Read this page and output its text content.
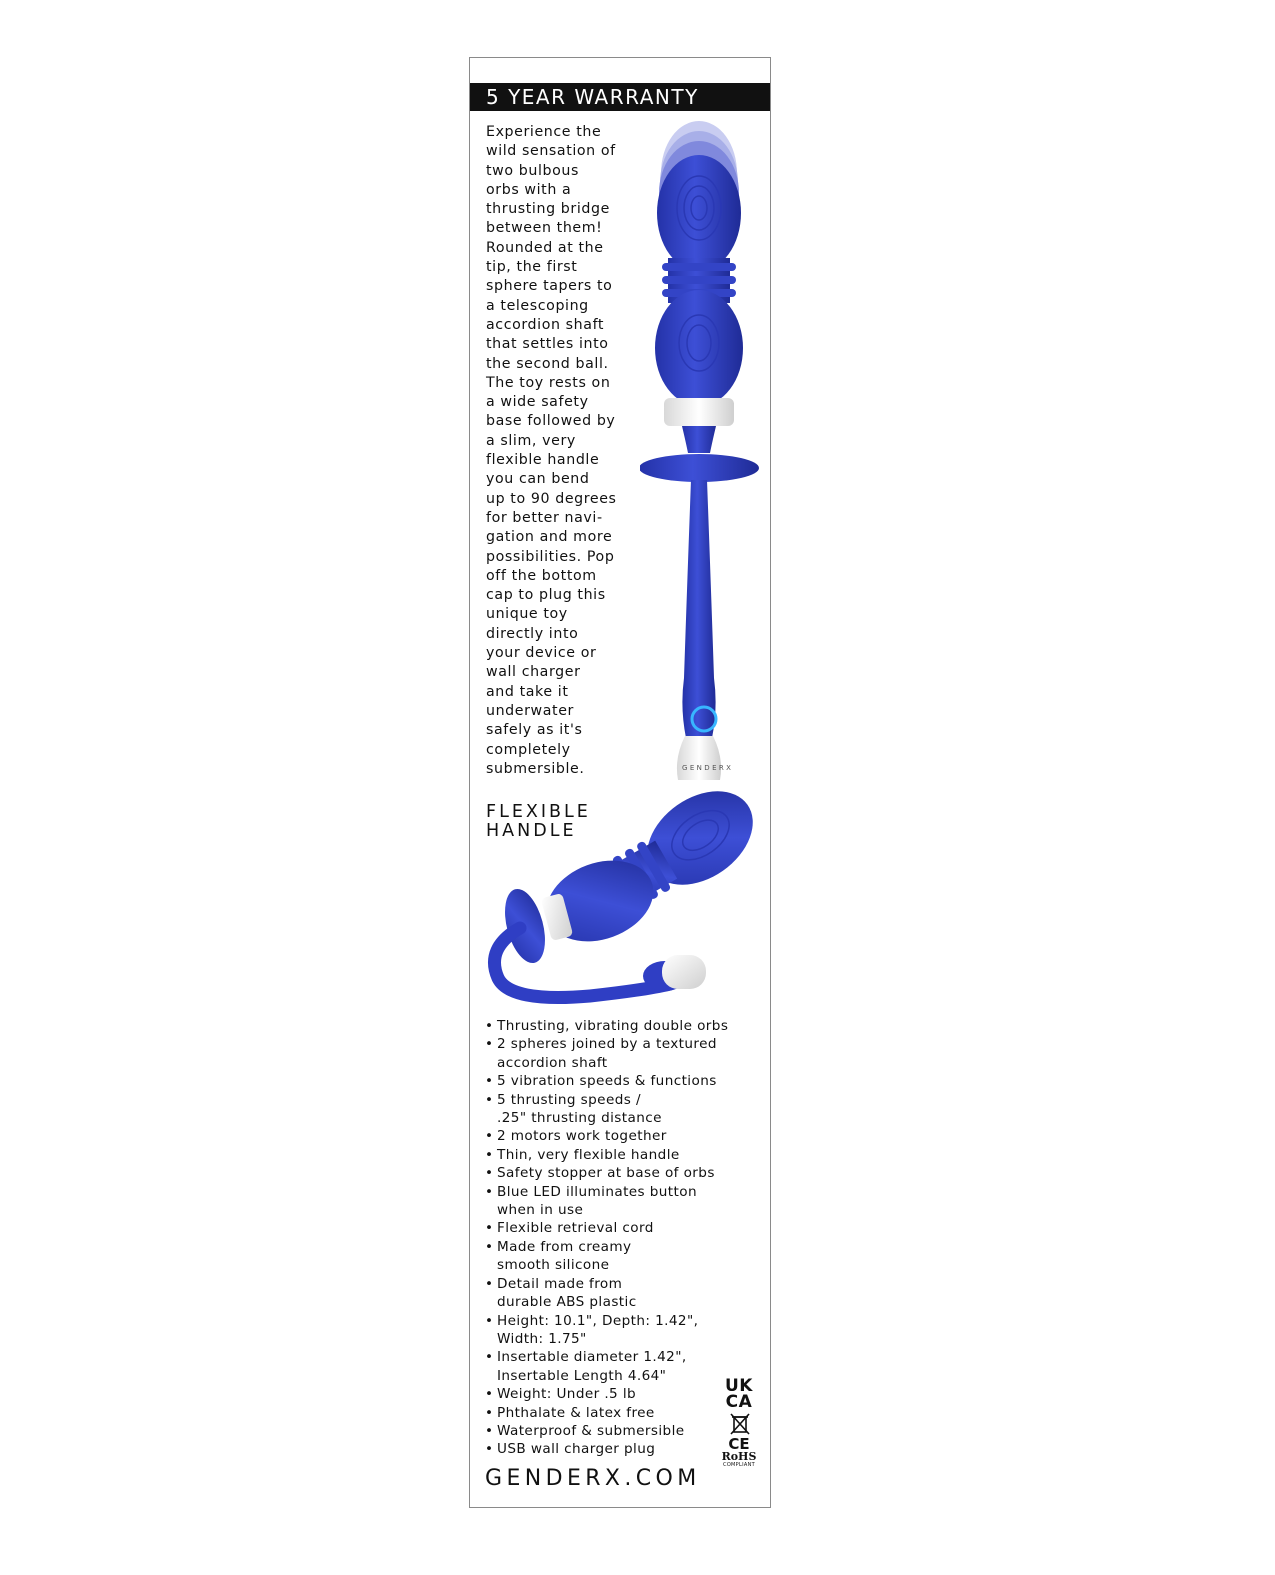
5 YEAR WARRANTY
Experience the
wild sensation of
two bulbous
orbs with a
thrusting bridge
between them!
Rounded at the
tip, the first
sphere tapers to
a telescoping
accordion shaft
that settles into
the second ball.
The toy rests on
a wide safety
base followed by
a slim, very
flexible handle
you can bend
up to 90 degrees
for better navi-
gation and more
possibilities. Pop
off the bottom
cap to plug this
unique toy
directly into
your device or
wall charger
and take it
underwater
safely as it's
completely
submersible.	GENDERX
FLEXIBLE
HANDLE
• Thrusting, vibrating double orbs
• 2 spheres joined by a textured
accordion shaft
• 5 vibration speeds & functions
• 5 thrusting speeds /
.25" thrusting distance
• 2 motors work together
• Thin, very flexible handle
• Safety stopper at base of orbs
• Blue LED illuminates button
when in use
• Flexible retrieval cord
• Made from creamy
smooth silicone
• Detail made from
durable ABS plastic
• Height: 10.1", Depth: 1.42",
Width: 1.75"
• Insertable diameter 1.42",
Insertable Length 4.64"
• Weight: Under .5 lb
• Phthalate & latex free
• Waterproof & submersible
• USB wall charger plug
UK
CA
CE
RoHS
COMPLIANT
GENDERX.COM
